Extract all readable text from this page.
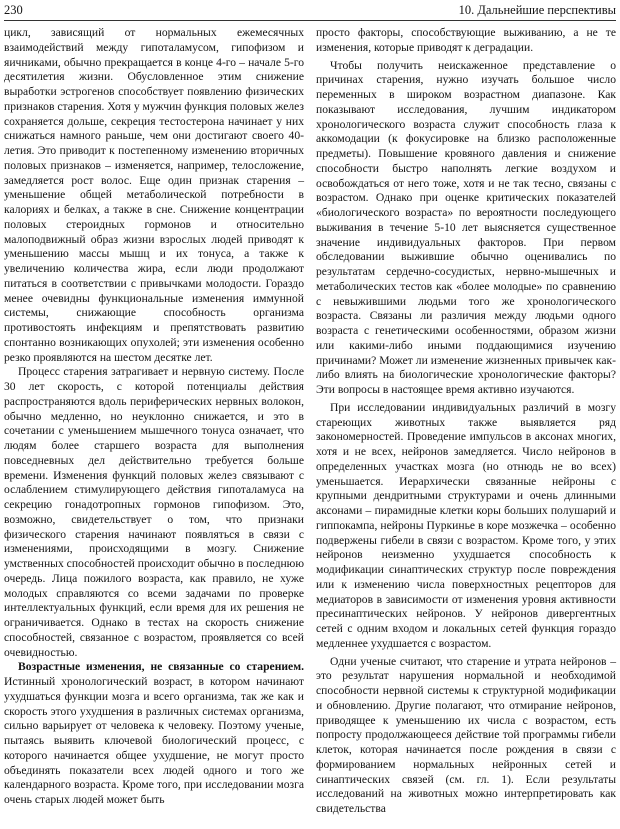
230	10. Дальнейшие перспективы

цикл, зависящий от нормальных ежемесячных взаимодействий между гипоталамусом, гипофизом и яичниками, обычно прекращается в конце 4-го – начале 5-го десятилетия жизни. Обусловленное этим снижение выработки эстрогенов способствует появлению физических признаков старения. Хотя у мужчин функция половых желез сохраняется дольше, секреция тестостерона начинает у них снижаться намного раньше, чем они достигают своего 40-летия. Это приводит к постепенному изменению вторичных половых признаков – изменяется, например, телосложение, замедляется рост волос. Еще один признак старения – уменьшение общей метаболической потребности в калориях и белках, а также в сне. Снижение концентрации половых стероидных гормонов и относительно малоподвижный образ жизни взрослых людей приводят к уменьшению массы мышц и их тонуса, а также к увеличению количества жира, если люди продолжают питаться в соответствии с привычками молодости. Гораздо менее очевидны функциональные изменения иммунной системы, снижающие способность организма противостоять инфекциям и препятствовать развитию спонтанно возникающих опухолей; эти изменения особенно резко проявляются на шестом десятке лет.

Процесс старения затрагивает и нервную систему. После 30 лет скорость, с которой потенциалы действия распространяются вдоль периферических нервных волокон, обычно медленно, но неуклонно снижается, и это в сочетании с уменьшением мышечного тонуса означает, что людям более старшего возраста для выполнения повседневных дел действительно требуется больше времени. Изменения функций половых желез связывают с ослаблением стимулирующего действия гипоталамуса на секрецию гонадотропных гормонов гипофизом. Это, возможно, свидетельствует о том, что признаки физического старения начинают появляться в связи с изменениями, происходящими в мозгу. Снижение умственных способностей происходит обычно в последнюю очередь. Лица пожилого возраста, как правило, не хуже молодых справляются со всеми задачами по проверке интеллектуальных функций, если время для их решения не ограничивается. Однако в тестах на скорость снижение способностей, связанное с возрастом, проявляется со всей очевидностью.

Возрастные изменения, не связанные со старением. Истинный хронологический возраст, в котором начинают ухудшаться функции мозга и всего организма, так же как и скорость этого ухудшения в различных системах организма, сильно варьирует от человека к человеку. Поэтому ученые, пытаясь выявить ключевой биологический процесс, с которого начинается общее ухудшение, не могут просто объединять показатели всех людей одного и того же календарного возраста. Кроме того, при исследовании мозга очень старых людей может быть

просто факторы, способствующие выживанию, а не те изменения, которые приводят к деградации.

Чтобы получить неискаженное представление о причинах старения, нужно изучать большое число переменных в широком возрастном диапазоне. Как показывают исследования, лучшим индикатором хронологического возраста служит способность глаза к аккомодации (к фокусировке на близко расположенные предметы). Повышение кровяного давления и снижение способности быстро наполнять легкие воздухом и освобождаться от него тоже, хотя и не так тесно, связаны с возрастом. Однако при оценке критических показателей «биологического возраста» по вероятности последующего выживания в течение 5-10 лет выясняется существенное значение индивидуальных факторов. При первом обследовании выжившие обычно оценивались по результатам сердечно-сосудистых, нервно-мышечных и метаболических тестов как «более молодые» по сравнению с невыжившими людьми того же хронологического возраста. Связаны ли различия между людьми одного возраста с генетическими особенностями, образом жизни или какими-либо иными поддающимися изучению причинами? Может ли изменение жизненных привычек как-либо влиять на биологические хронологические факторы? Эти вопросы в настоящее время активно изучаются.

При исследовании индивидуальных различий в мозгу стареющих животных также выявляется ряд закономерностей. Проведение импульсов в аксонах многих, хотя и не всех, нейронов замедляется. Число нейронов в определенных участках мозга (но отнюдь не во всех) уменьшается. Иерархически связанные нейроны с крупными дендритными структурами и очень длинными аксонами – пирамидные клетки коры больших полушарий и гиппокампа, нейроны Пуркинье в коре мозжечка – особенно подвержены гибели в связи с возрастом. Кроме того, у этих нейронов неизменно ухудшается способность к модификации синаптических структур после повреждения или к изменению числа поверхностных рецепторов для медиаторов в зависимости от изменения уровня активности пресинаптических нейронов. У нейронов дивергентных сетей с одним входом и локальных сетей функция гораздо медленнее ухудшается с возрастом.

Одни ученые считают, что старение и утрата нейронов – это результат нарушения нормальной и необходимой способности нервной системы к структурной модификации и обновлению. Другие полагают, что отмирание нейронов, приводящее к уменьшению их числа с возрастом, есть попросту продолжающееся действие той программы гибели клеток, которая начинается после рождения в связи с формированием нормальных нейронных сетей и синаптических связей (см. гл. 1). Если результаты исследований на животных можно интерпретировать как свидетельства
